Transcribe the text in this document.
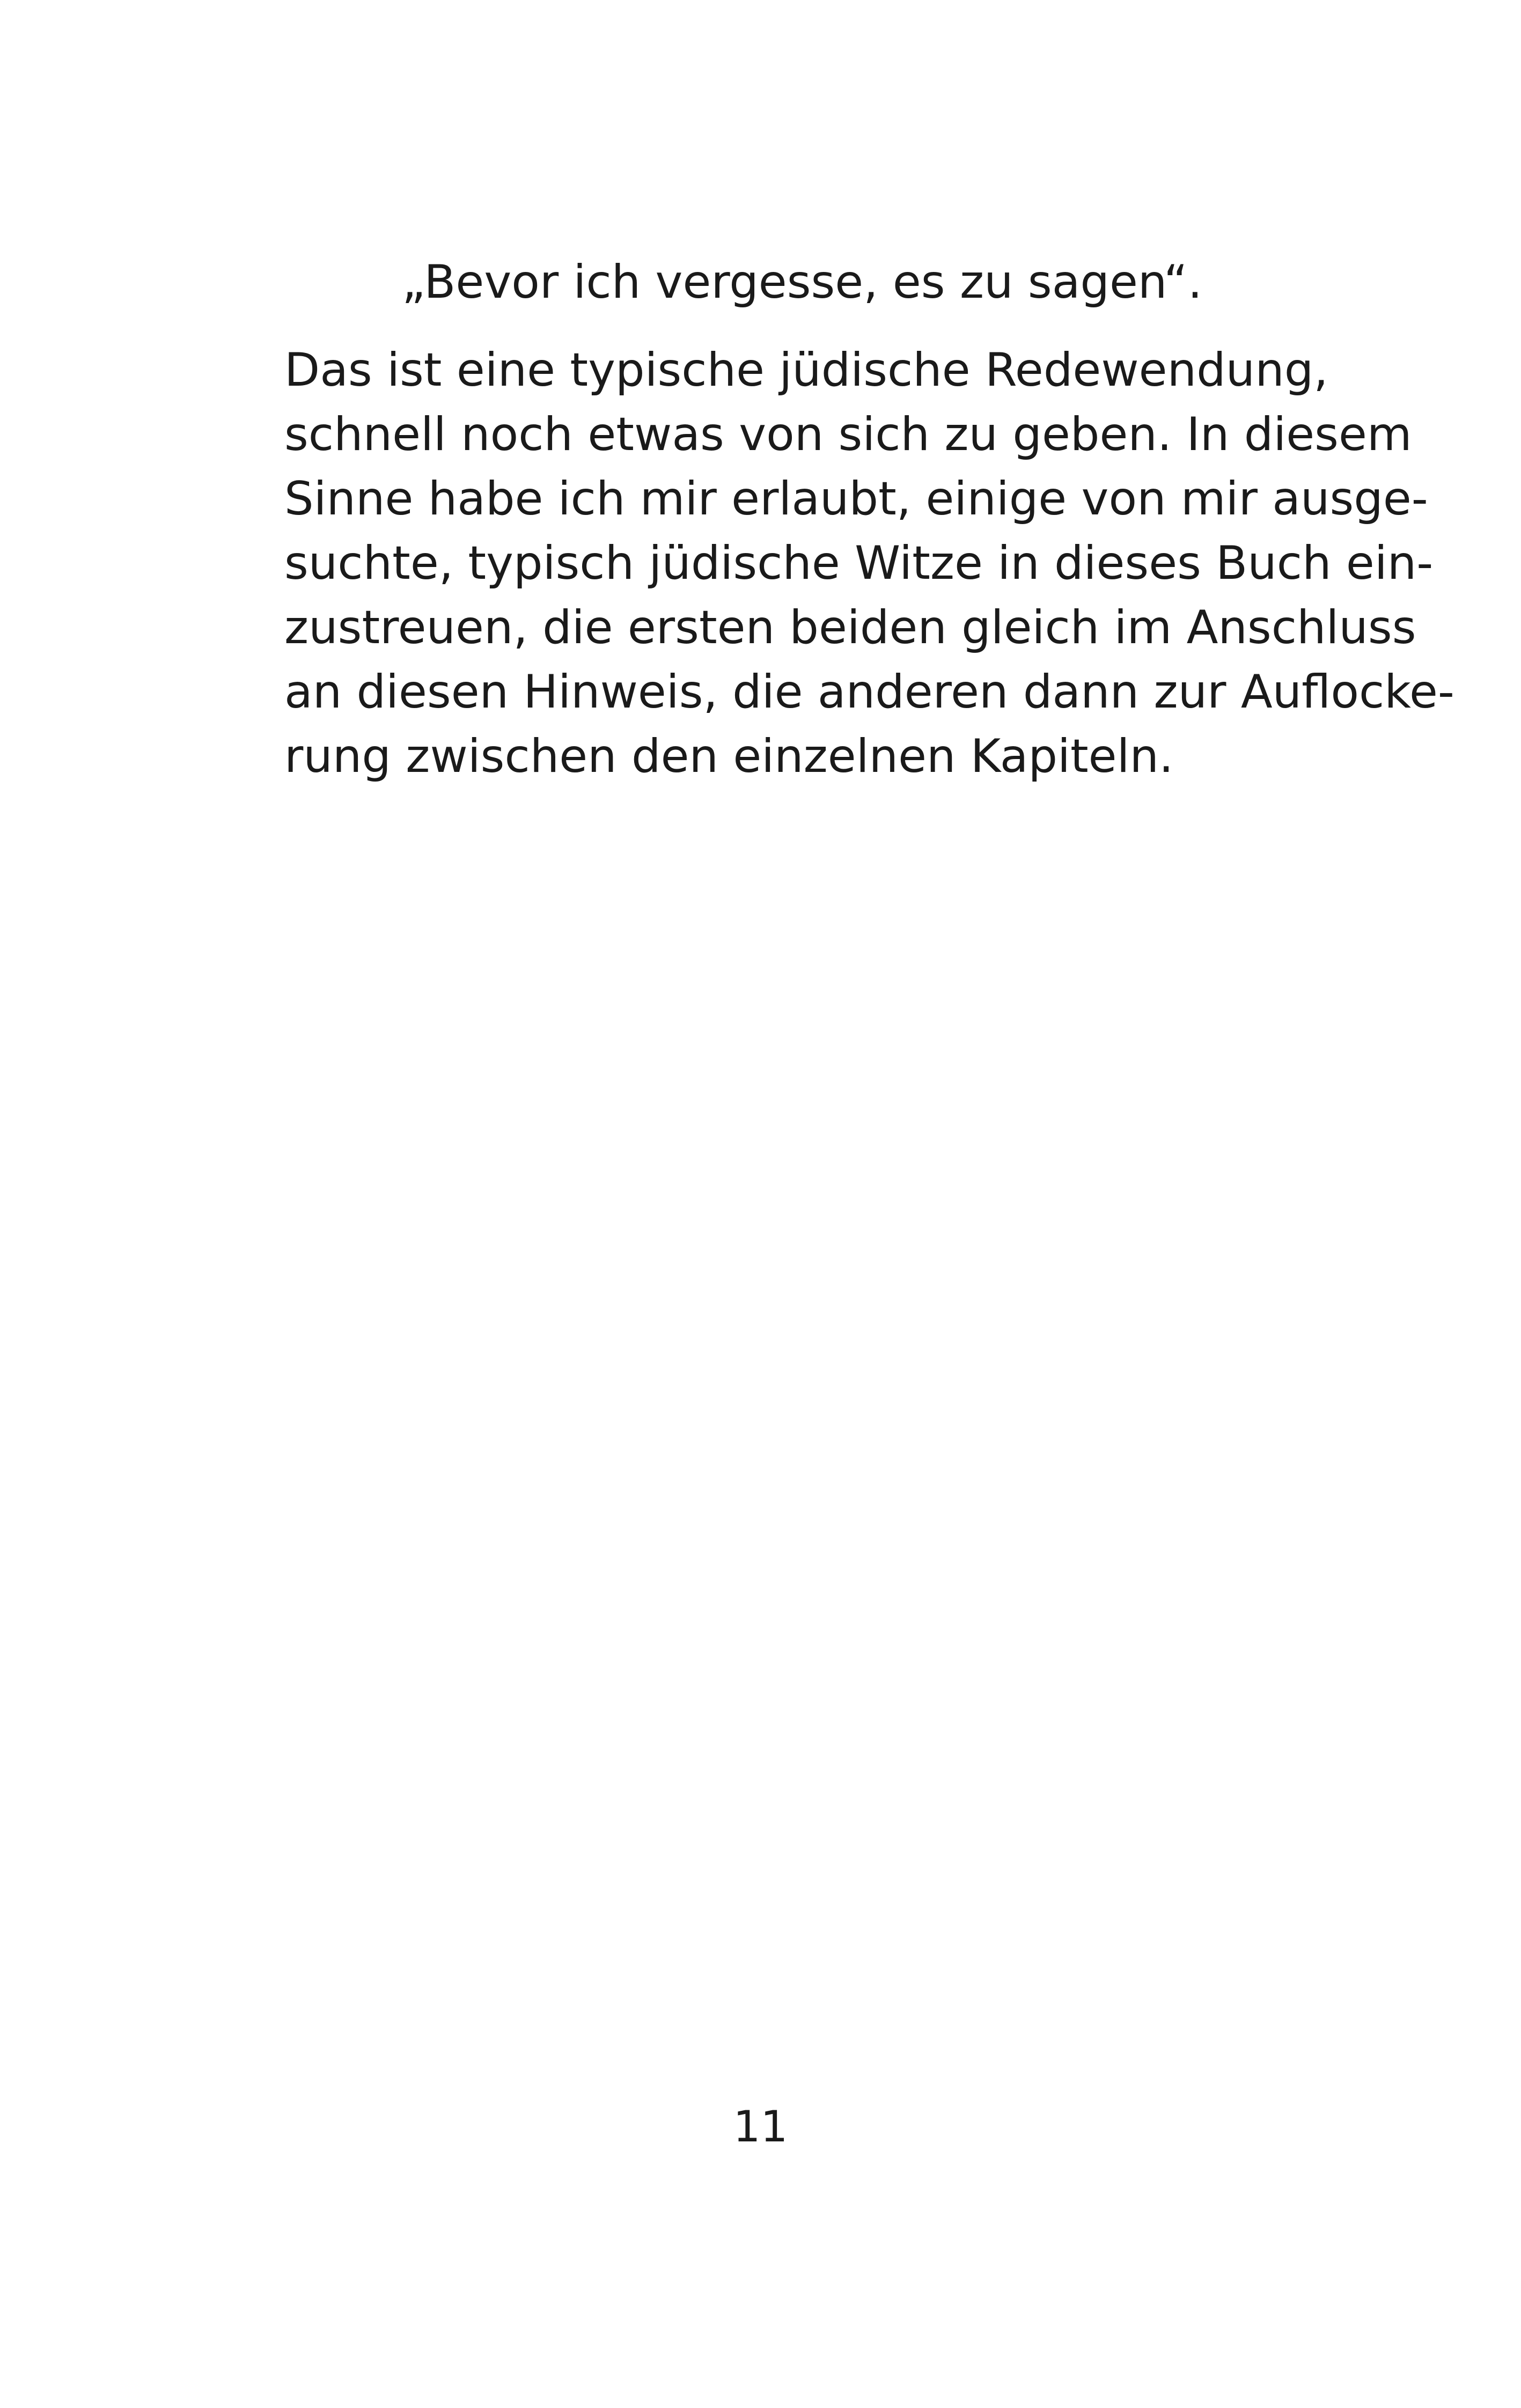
„Bevor ich vergesse, es zu sagen“.

Das ist eine typische jüdische Redewendung,
schnell noch etwas von sich zu geben. In diesem
Sinne habe ich mir erlaubt, einige von mir ausge-
suchte, typisch jüdische Witze in dieses Buch ein-
zustreuen, die ersten beiden gleich im Anschluss
an diesen Hinweis, die anderen dann zur Auflocke-
rung zwischen den einzelnen Kapiteln.

11
